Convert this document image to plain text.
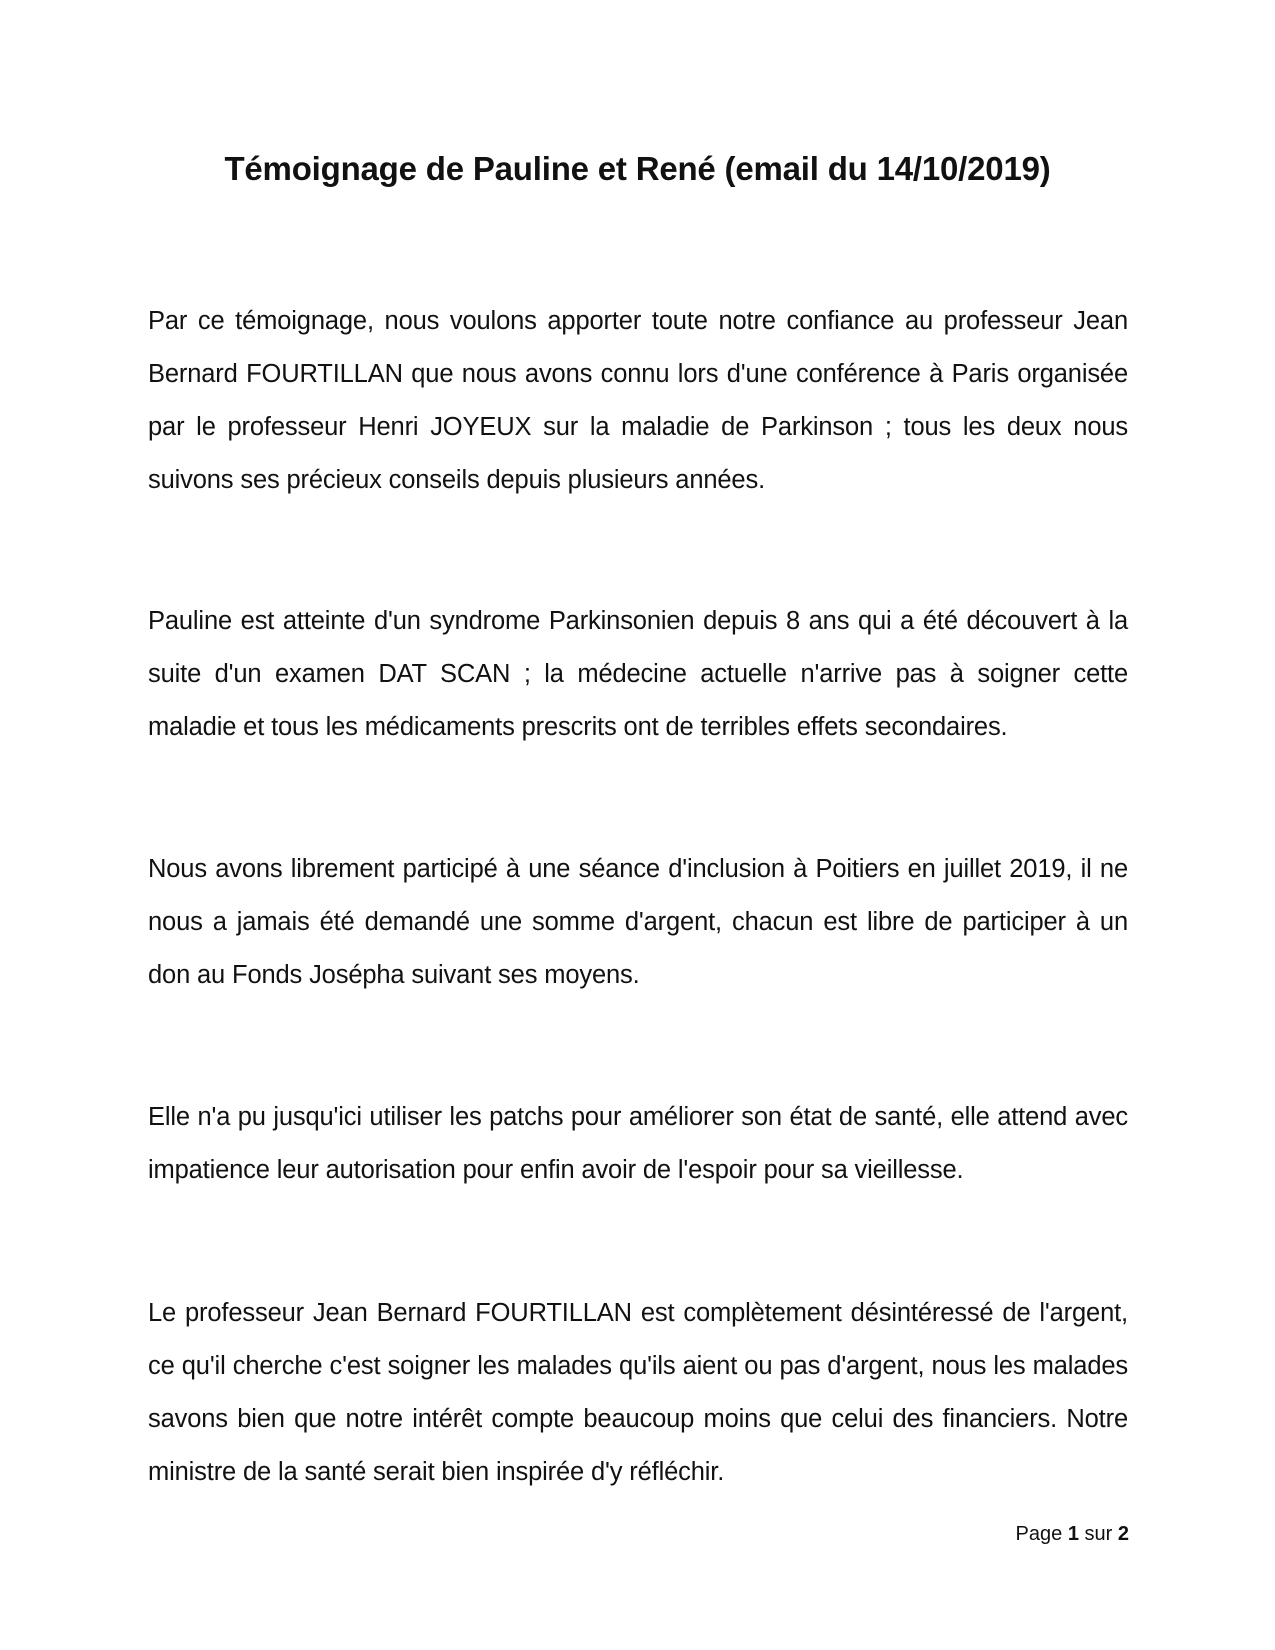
Témoignage de Pauline et René (email du 14/10/2019)

Par ce témoignage, nous voulons apporter toute notre confiance au professeur Jean Bernard FOURTILLAN que nous avons connu lors d'une conférence à Paris organisée par le professeur Henri JOYEUX sur la maladie de Parkinson ; tous les deux nous suivons ses précieux conseils depuis plusieurs années.

Pauline est atteinte d'un syndrome Parkinsonien depuis 8 ans qui a été découvert à la suite d'un examen DAT SCAN ; la médecine actuelle n'arrive pas à soigner cette maladie et tous les médicaments prescrits ont de terribles effets secondaires.

Nous avons librement participé à une séance d'inclusion à Poitiers en juillet 2019, il ne nous a jamais été demandé une somme d'argent, chacun est libre de participer à un don au Fonds Josépha suivant ses moyens.

Elle n'a pu jusqu'ici utiliser les patchs pour améliorer son état de santé, elle attend avec impatience leur autorisation pour enfin avoir de l'espoir pour sa vieillesse.

Le professeur Jean Bernard FOURTILLAN est complètement désintéressé de l'argent, ce qu'il cherche c'est soigner les malades qu'ils aient ou pas d'argent, nous les malades savons bien que notre intérêt compte beaucoup moins que celui des financiers. Notre ministre de la santé serait bien inspirée d'y réfléchir.

Page 1 sur 2
